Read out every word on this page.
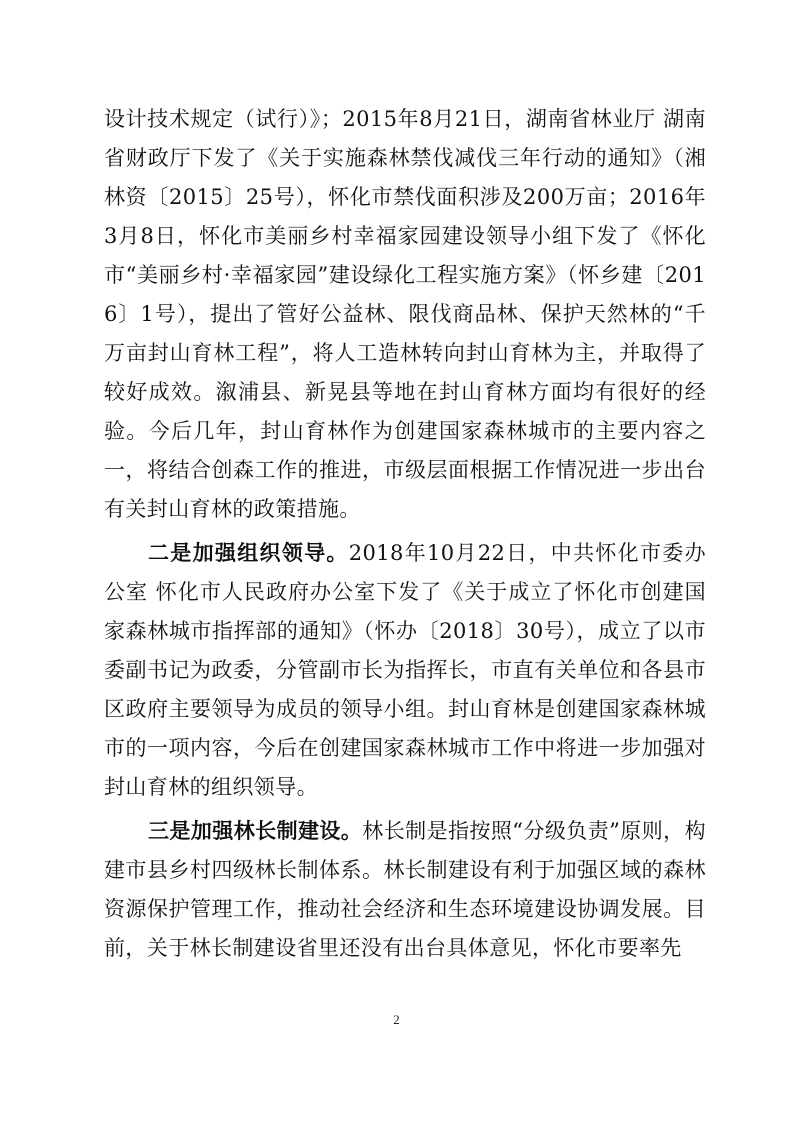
设计技术规定（试行）》；2015年8月21日，湖南省林业厅 湖南省财政厅下发了《关于实施森林禁伐减伐三年行动的通知》（湘林资〔2015〕25号），怀化市禁伐面积涉及200万亩；2016年3月8日，怀化市美丽乡村幸福家园建设领导小组下发了《怀化市“美丽乡村·幸福家园”建设绿化工程实施方案》（怀乡建〔2016〕1号），提出了管好公益林、限伐商品林、保护天然林的“千万亩封山育林工程”，将人工造林转向封山育林为主，并取得了较好成效。溆浦县、新晃县等地在封山育林方面均有很好的经验。今后几年，封山育林作为创建国家森林城市的主要内容之一，将结合创森工作的推进，市级层面根据工作情况进一步出台有关封山育林的政策措施。

二是加强组织领导。2018年10月22日，中共怀化市委办公室 怀化市人民政府办公室下发了《关于成立了怀化市创建国家森林城市指挥部的通知》（怀办〔2018〕30号），成立了以市委副书记为政委，分管副市长为指挥长，市直有关单位和各县市区政府主要领导为成员的领导小组。封山育林是创建国家森林城市的一项内容，今后在创建国家森林城市工作中将进一步加强对封山育林的组织领导。

三是加强林长制建设。林长制是指按照“分级负责”原则，构建市县乡村四级林长制体系。林长制建设有利于加强区域的森林资源保护管理工作，推动社会经济和生态环境建设协调发展。目前，关于林长制建设省里还没有出台具体意见，怀化市要率先

2
